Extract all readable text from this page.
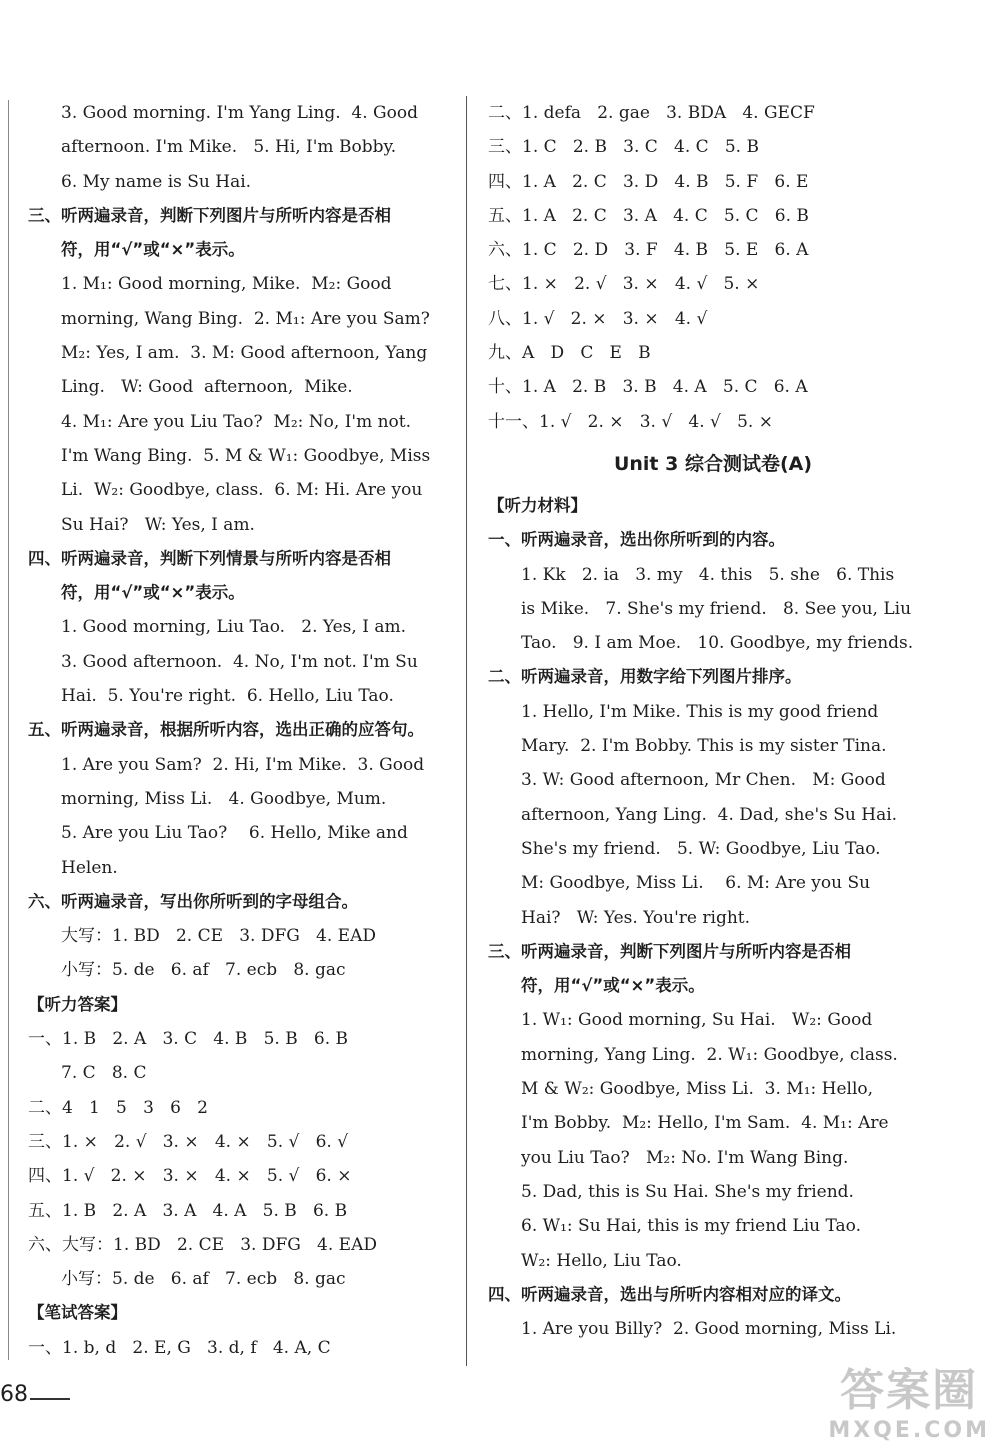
3. Good morning. I'm Yang Ling.  4. Good
afternoon. I'm Mike.   5. Hi, I'm Bobby.
6. My name is Su Hai.
三、听两遍录音，判断下列图片与所听内容是否相
符，用“√”或“×”表示。
1. M₁: Good morning, Mike.  M₂: Good
morning, Wang Bing.  2. M₁: Are you Sam?
M₂: Yes, I am.  3. M: Good afternoon, Yang
Ling.   W: Good  afternoon,  Mike.
4. M₁: Are you Liu Tao?  M₂: No, I'm not.
I'm Wang Bing.  5. M & W₁: Goodbye, Miss
Li.  W₂: Goodbye, class.  6. M: Hi. Are you
Su Hai?   W: Yes, I am.
四、听两遍录音，判断下列情景与所听内容是否相
符，用“√”或“×”表示。
1. Good morning, Liu Tao.   2. Yes, I am.
3. Good afternoon.  4. No, I'm not. I'm Su
Hai.  5. You're right.  6. Hello, Liu Tao.
五、听两遍录音，根据所听内容，选出正确的应答句。
1. Are you Sam?  2. Hi, I'm Mike.  3. Good
morning, Miss Li.   4. Goodbye, Mum.
5. Are you Liu Tao?    6. Hello, Mike and
Helen.
六、听两遍录音，写出你所听到的字母组合。
大写：1. BD   2. CE   3. DFG   4. EAD
小写：5. de   6. af   7. ecb   8. gac
【听力答案】
一、1. B   2. A   3. C   4. B   5. B   6. B
7. C   8. C
二、4   1   5   3   6   2
三、1. ×   2. √   3. ×   4. ×   5. √   6. √
四、1. √   2. ×   3. ×   4. ×   5. √   6. ×
五、1. B   2. A   3. A   4. A   5. B   6. B
六、大写：1. BD   2. CE   3. DFG   4. EAD
小写：5. de   6. af   7. ecb   8. gac
【笔试答案】
一、1. b, d   2. E, G   3. d, f   4. A, C
二、1. defa   2. gae   3. BDA   4. GECF
三、1. C   2. B   3. C   4. C   5. B
四、1. A   2. C   3. D   4. B   5. F   6. E
五、1. A   2. C   3. A   4. C   5. C   6. B
六、1. C   2. D   3. F   4. B   5. E   6. A
七、1. ×   2. √   3. ×   4. √   5. ×
八、1. √   2. ×   3. ×   4. √
九、A   D   C   E   B
十、1. A   2. B   3. B   4. A   5. C   6. A
十一、1. √   2. ×   3. √   4. √   5. ×
Unit 3 综合测试卷(A)
【听力材料】
一、听两遍录音，选出你所听到的内容。
1. Kk   2. ia   3. my   4. this   5. she   6. This
is Mike.   7. She's my friend.   8. See you, Liu
Tao.   9. I am Moe.   10. Goodbye, my friends.
二、听两遍录音，用数字给下列图片排序。
1. Hello, I'm Mike. This is my good friend
Mary.  2. I'm Bobby. This is my sister Tina.
3. W: Good afternoon, Mr Chen.   M: Good
afternoon, Yang Ling.  4. Dad, she's Su Hai.
She's my friend.   5. W: Goodbye, Liu Tao.
M: Goodbye, Miss Li.    6. M: Are you Su
Hai?   W: Yes. You're right.
三、听两遍录音，判断下列图片与所听内容是否相
符，用“√”或“×”表示。
1. W₁: Good morning, Su Hai.   W₂: Good
morning, Yang Ling.  2. W₁: Goodbye, class.
M & W₂: Goodbye, Miss Li.  3. M₁: Hello,
I'm Bobby.  M₂: Hello, I'm Sam.  4. M₁: Are
you Liu Tao?   M₂: No. I'm Wang Bing.
5. Dad, this is Su Hai. She's my friend.
6. W₁: Su Hai, this is my friend Liu Tao.
W₂: Hello, Liu Tao.
四、听两遍录音，选出与所听内容相对应的译文。
1. Are you Billy?  2. Good morning, Miss Li.
68	答案圈
MXQE.COM
